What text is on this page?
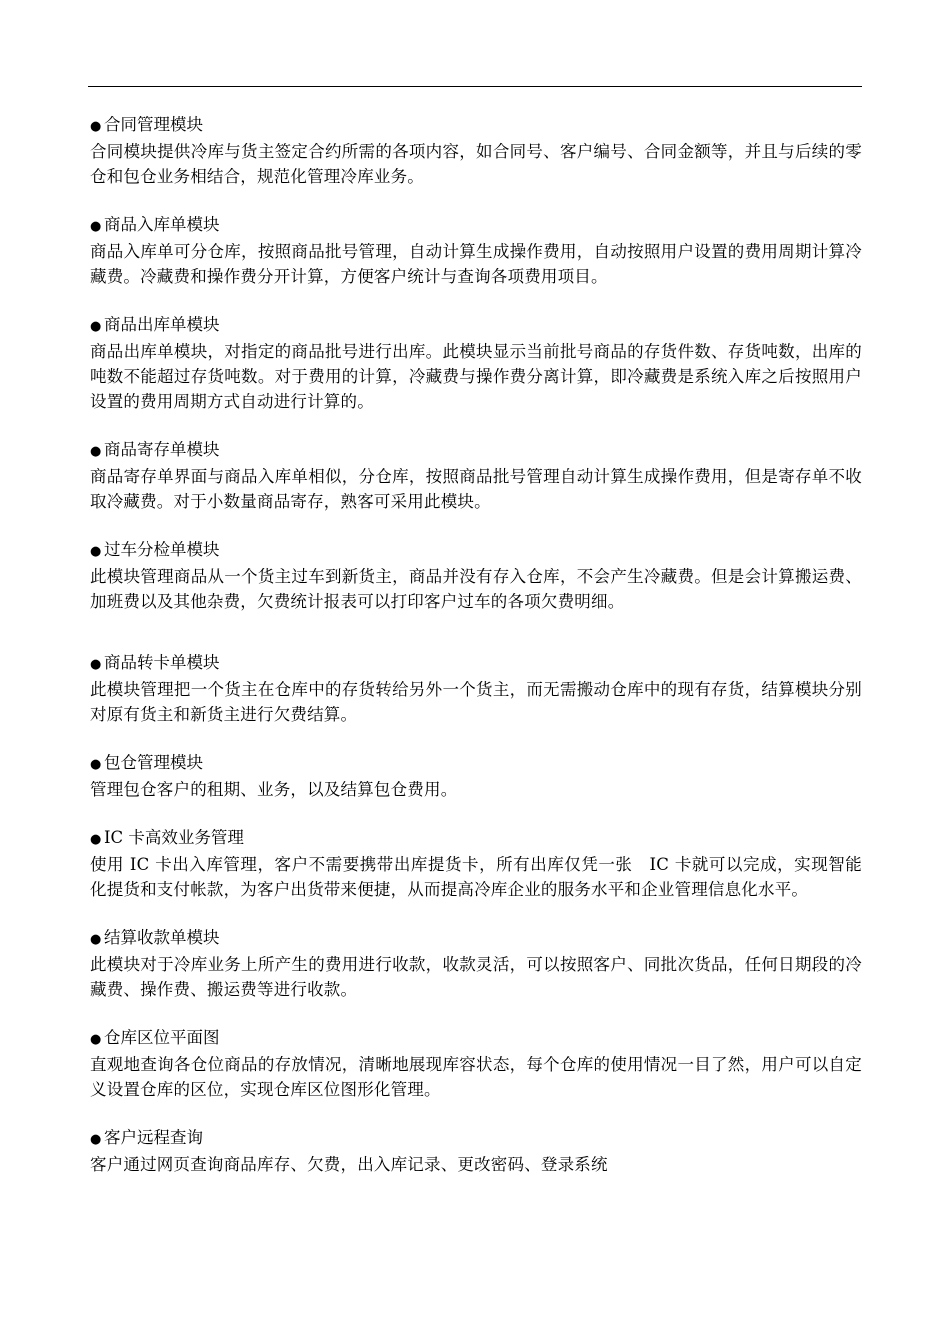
● 合同管理模块

合同模块提供冷库与货主签定合约所需的各项内容，如合同号、客户编号、合同金额等，并且与后续的零仓和包仓业务相结合，规范化管理冷库业务。

● 商品入库单模块

商品入库单可分仓库，按照商品批号管理，自动计算生成操作费用，自动按照用户设置的费用周期计算冷藏费。冷藏费和操作费分开计算，方便客户统计与查询各项费用项目。

● 商品出库单模块

商品出库单模块，对指定的商品批号进行出库。此模块显示当前批号商品的存货件数、存货吨数，出库的吨数不能超过存货吨数。对于费用的计算，冷藏费与操作费分离计算，即冷藏费是系统入库之后按照用户设置的费用周期方式自动进行计算的。

● 商品寄存单模块

商品寄存单界面与商品入库单相似，分仓库，按照商品批号管理自动计算生成操作费用，但是寄存单不收取冷藏费。对于小数量商品寄存，熟客可采用此模块。

● 过车分检单模块

此模块管理商品从一个货主过车到新货主，商品并没有存入仓库，不会产生冷藏费。但是会计算搬运费、加班费以及其他杂费，欠费统计报表可以打印客户过车的各项欠费明细。

● 商品转卡单模块

此模块管理把一个货主在仓库中的存货转给另外一个货主，而无需搬动仓库中的现有存货，结算模块分别对原有货主和新货主进行欠费结算。

● 包仓管理模块

管理包仓客户的租期、业务，以及结算包仓费用。

● IC 卡高效业务管理

使用 IC 卡出入库管理，客户不需要携带出库提货卡，所有出库仅凭一张　IC 卡就可以完成，实现智能化提货和支付帐款，为客户出货带来便捷，从而提高冷库企业的服务水平和企业管理信息化水平。

● 结算收款单模块

此模块对于冷库业务上所产生的费用进行收款，收款灵活，可以按照客户、同批次货品，任何日期段的冷藏费、操作费、搬运费等进行收款。

● 仓库区位平面图

直观地查询各仓位商品的存放情况，清晰地展现库容状态，每个仓库的使用情况一目了然，用户可以自定义设置仓库的区位，实现仓库区位图形化管理。

● 客户远程查询

客户通过网页查询商品库存、欠费，出入库记录、更改密码、登录系统
